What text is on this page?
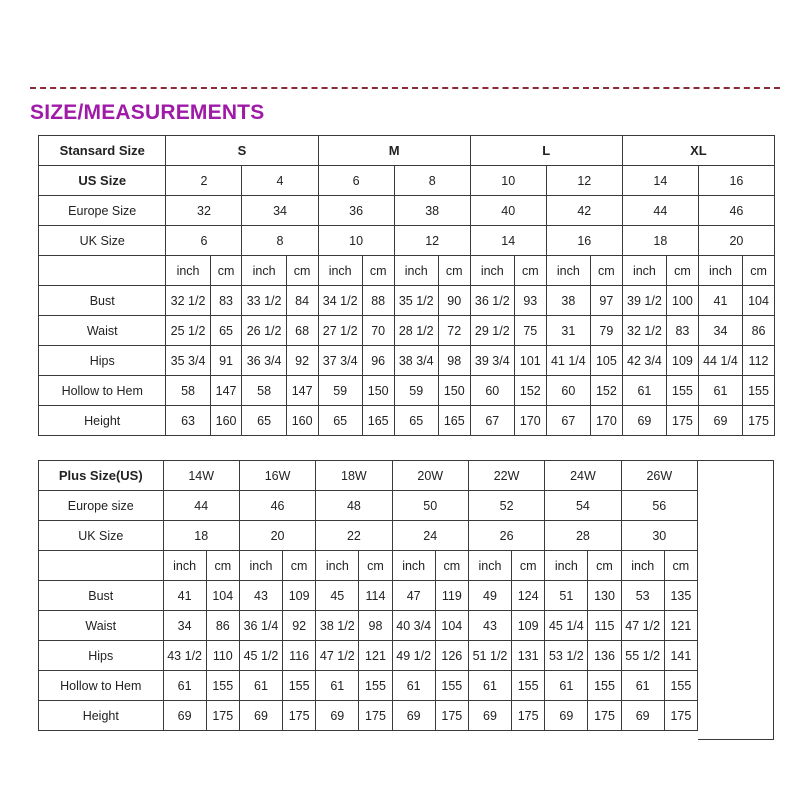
SIZE/MEASUREMENTS
Stansard Size	S				M				L				XL			
US Size	2		4		6		8		10		12		14		16	
Europe Size	32		34		36		38		40		42		44		46	
UK Size	6		8		10		12		14		16		18		20	
	inch	cm	inch	cm	inch	cm	inch	cm	inch	cm	inch	cm	inch	cm	inch	cm
Bust	32 1/2	83	33 1/2	84	34 1/2	88	35 1/2	90	36 1/2	93	38	97	39 1/2	100	41	104
Waist	25 1/2	65	26 1/2	68	27 1/2	70	28 1/2	72	29 1/2	75	31	79	32 1/2	83	34	86
Hips	35 3/4	91	36 3/4	92	37 3/4	96	38 3/4	98	39 3/4	101	41 1/4	105	42 3/4	109	44 1/4	112
Hollow to Hem	58	147	58	147	59	150	59	150	60	152	60	152	61	155	61	155
Height	63	160	65	160	65	165	65	165	67	170	67	170	69	175	69	175
Plus Size(US)	14W		16W		18W		20W		22W		24W		26W	
Europe size	44		46		48		50		52		54		56	
UK Size	18		20		22		24		26		28		30	
	inch	cm	inch	cm	inch	cm	inch	cm	inch	cm	inch	cm	inch	cm
Bust	41	104	43	109	45	114	47	119	49	124	51	130	53	135
Waist	34	86	36 1/4	92	38 1/2	98	40 3/4	104	43	109	45 1/4	115	47 1/2	121
Hips	43 1/2	110	45 1/2	116	47 1/2	121	49 1/2	126	51 1/2	131	53 1/2	136	55 1/2	141
Hollow to Hem	61	155	61	155	61	155	61	155	61	155	61	155	61	155
Height	69	175	69	175	69	175	69	175	69	175	69	175	69	175
